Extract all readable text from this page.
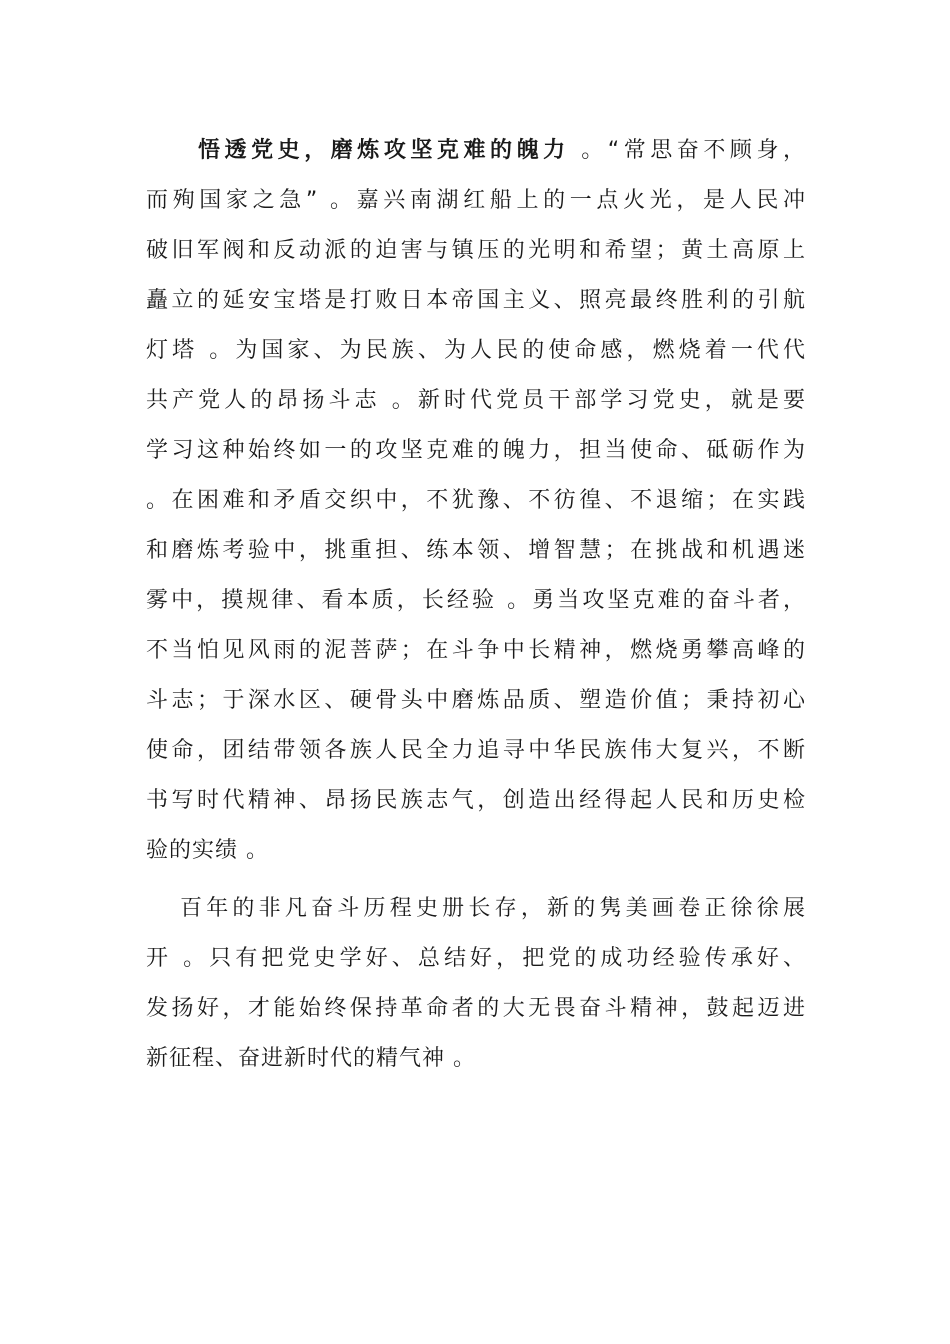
悟透党史，磨炼攻坚克难的魄力 。“常思奋不顾身，
而殉国家之急” 。嘉兴南湖红船上的一点火光，是人民冲
破旧军阀和反动派的迫害与镇压的光明和希望；黄土高原上
矗立的延安宝塔是打败日本帝国主义、照亮最终胜利的引航
灯塔 。为国家、为民族、为人民的使命感，燃烧着一代代
共产党人的昂扬斗志 。新时代党员干部学习党史，就是要
学习这种始终如一的攻坚克难的魄力，担当使命、砥砺作为
。在困难和矛盾交织中，不犹豫、不彷徨、不退缩；在实践
和磨炼考验中，挑重担、练本领、增智慧；在挑战和机遇迷
雾中，摸规律、看本质，长经验 。勇当攻坚克难的奋斗者，
不当怕见风雨的泥菩萨；在斗争中长精神，燃烧勇攀高峰的
斗志；于深水区、硬骨头中磨炼品质、塑造价值；秉持初心
使命，团结带领各族人民全力追寻中华民族伟大复兴，不断
书写时代精神、昂扬民族志气，创造出经得起人民和历史检
验的实绩 。
百年的非凡奋斗历程史册长存，新的隽美画卷正徐徐展
开 。只有把党史学好、总结好，把党的成功经验传承好、
发扬好，才能始终保持革命者的大无畏奋斗精神，鼓起迈进
新征程、奋进新时代的精气神 。
